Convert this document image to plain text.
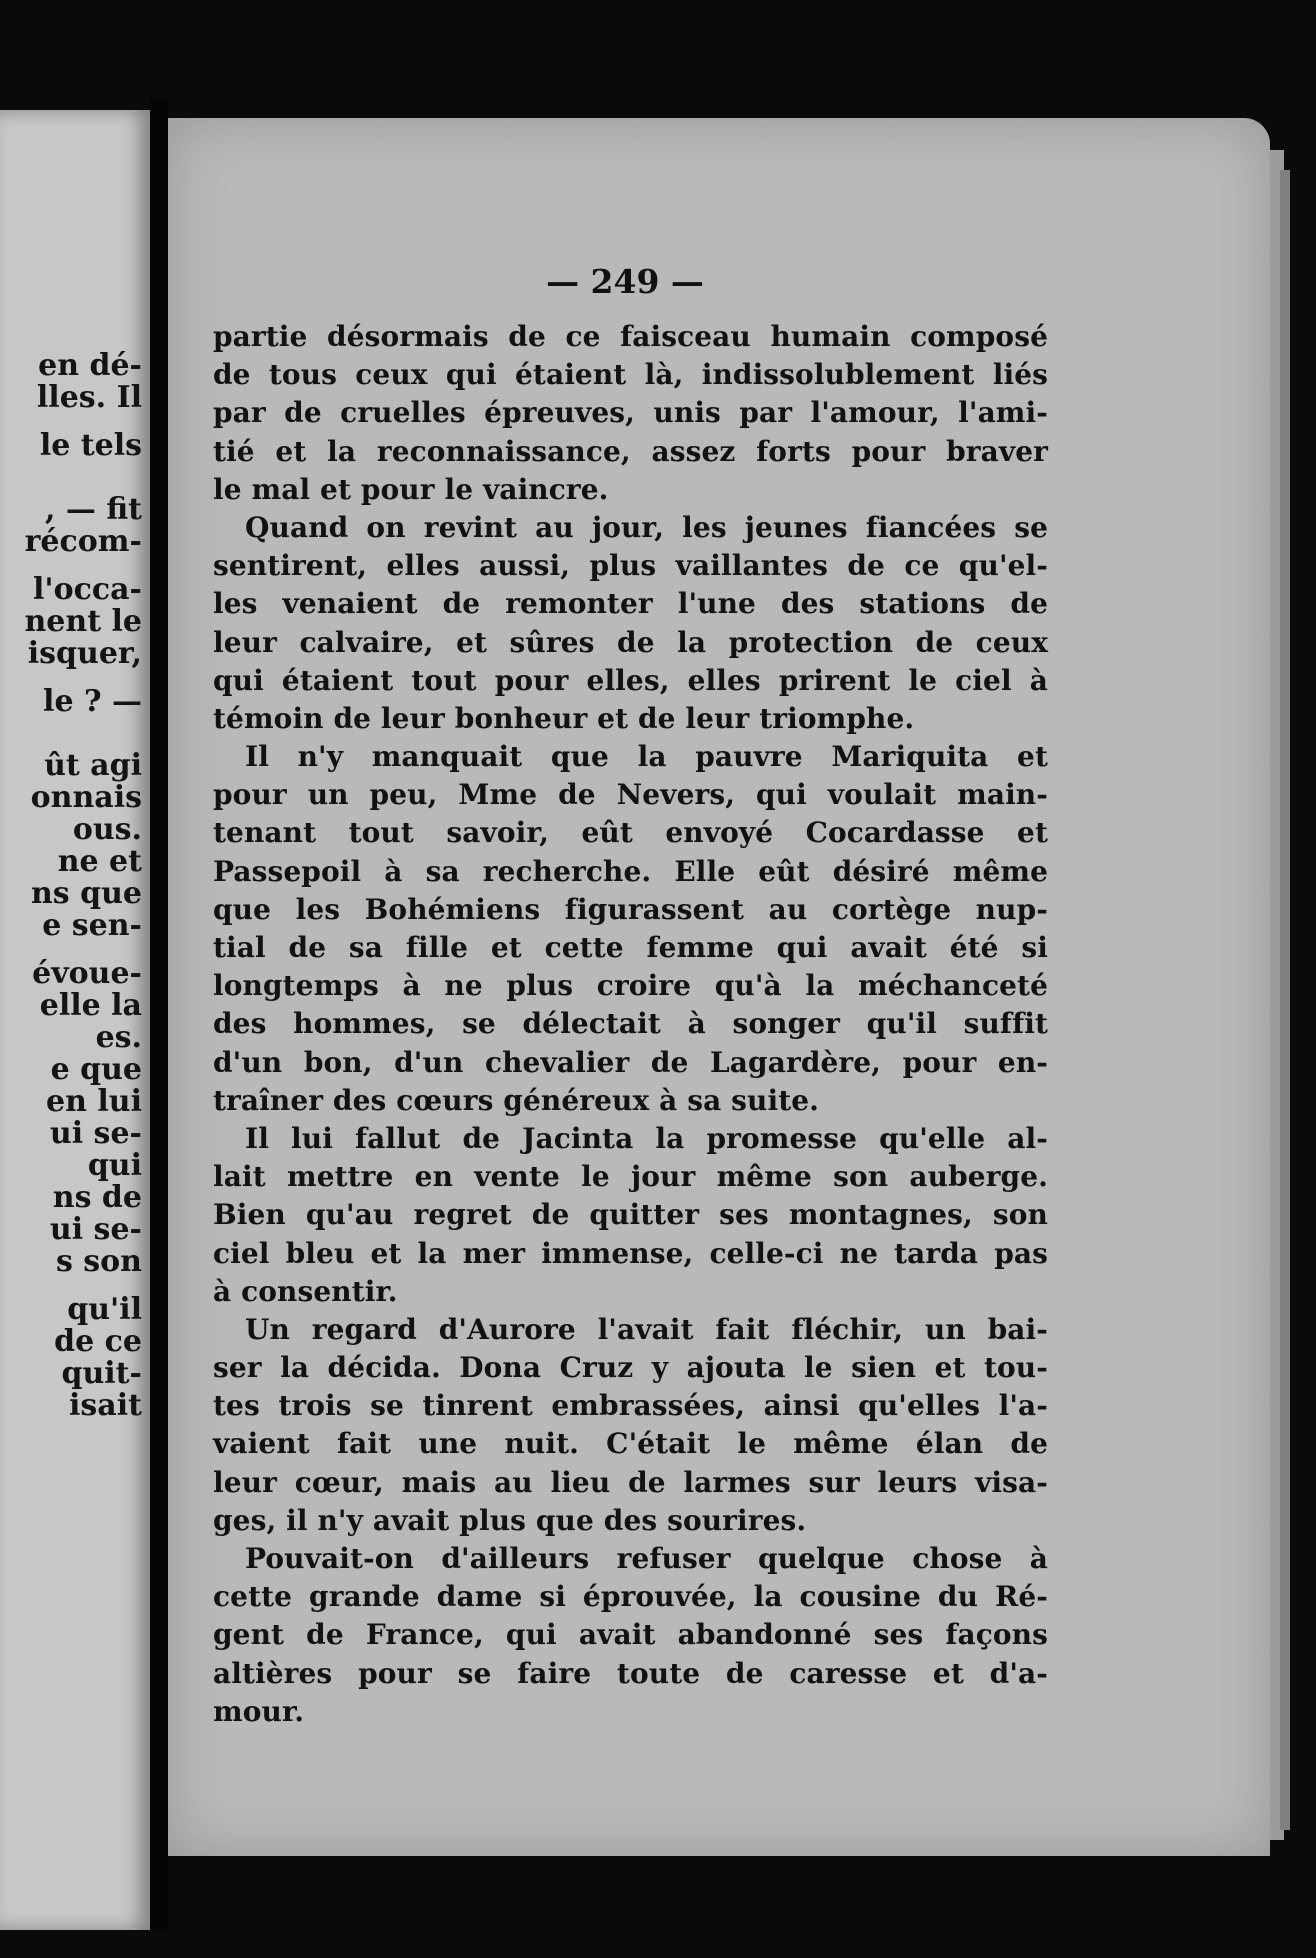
en dé-
lles. Il
le tels
, — fit
récom-
l'occa-
nent le
isquer,
le ? —
ût agi
onnais
ous.
ne et
ns que
e sen-
évoue-
elle la
es.
e que
en lui
ui se-
qui
ns de
ui se-
s son
qu'il
de ce
quit-
isait
— 249 —
partie désormais de ce faisceau humain composé
de tous ceux qui étaient là, indissolublement liés
par de cruelles épreuves, unis par l'amour, l'ami-
tié et la reconnaissance, assez forts pour braver
le mal et pour le vaincre.
Quand on revint au jour, les jeunes fiancées se
sentirent, elles aussi, plus vaillantes de ce qu'el-
les venaient de remonter l'une des stations de
leur calvaire, et sûres de la protection de ceux
qui étaient tout pour elles, elles prirent le ciel à
témoin de leur bonheur et de leur triomphe.
Il n'y manquait que la pauvre Mariquita et
pour un peu, Mme de Nevers, qui voulait main-
tenant tout savoir, eût envoyé Cocardasse et
Passepoil à sa recherche. Elle eût désiré même
que les Bohémiens figurassent au cortège nup-
tial de sa fille et cette femme qui avait été si
longtemps à ne plus croire qu'à la méchanceté
des hommes, se délectait à songer qu'il suffit
d'un bon, d'un chevalier de Lagardère, pour en-
traîner des cœurs généreux à sa suite.
Il lui fallut de Jacinta la promesse qu'elle al-
lait mettre en vente le jour même son auberge.
Bien qu'au regret de quitter ses montagnes, son
ciel bleu et la mer immense, celle-ci ne tarda pas
à consentir.
Un regard d'Aurore l'avait fait fléchir, un bai-
ser la décida. Dona Cruz y ajouta le sien et tou-
tes trois se tinrent embrassées, ainsi qu'elles l'a-
vaient fait une nuit. C'était le même élan de
leur cœur, mais au lieu de larmes sur leurs visa-
ges, il n'y avait plus que des sourires.
Pouvait-on d'ailleurs refuser quelque chose à
cette grande dame si éprouvée, la cousine du Ré-
gent de France, qui avait abandonné ses façons
altières pour se faire toute de caresse et d'a-
mour.
